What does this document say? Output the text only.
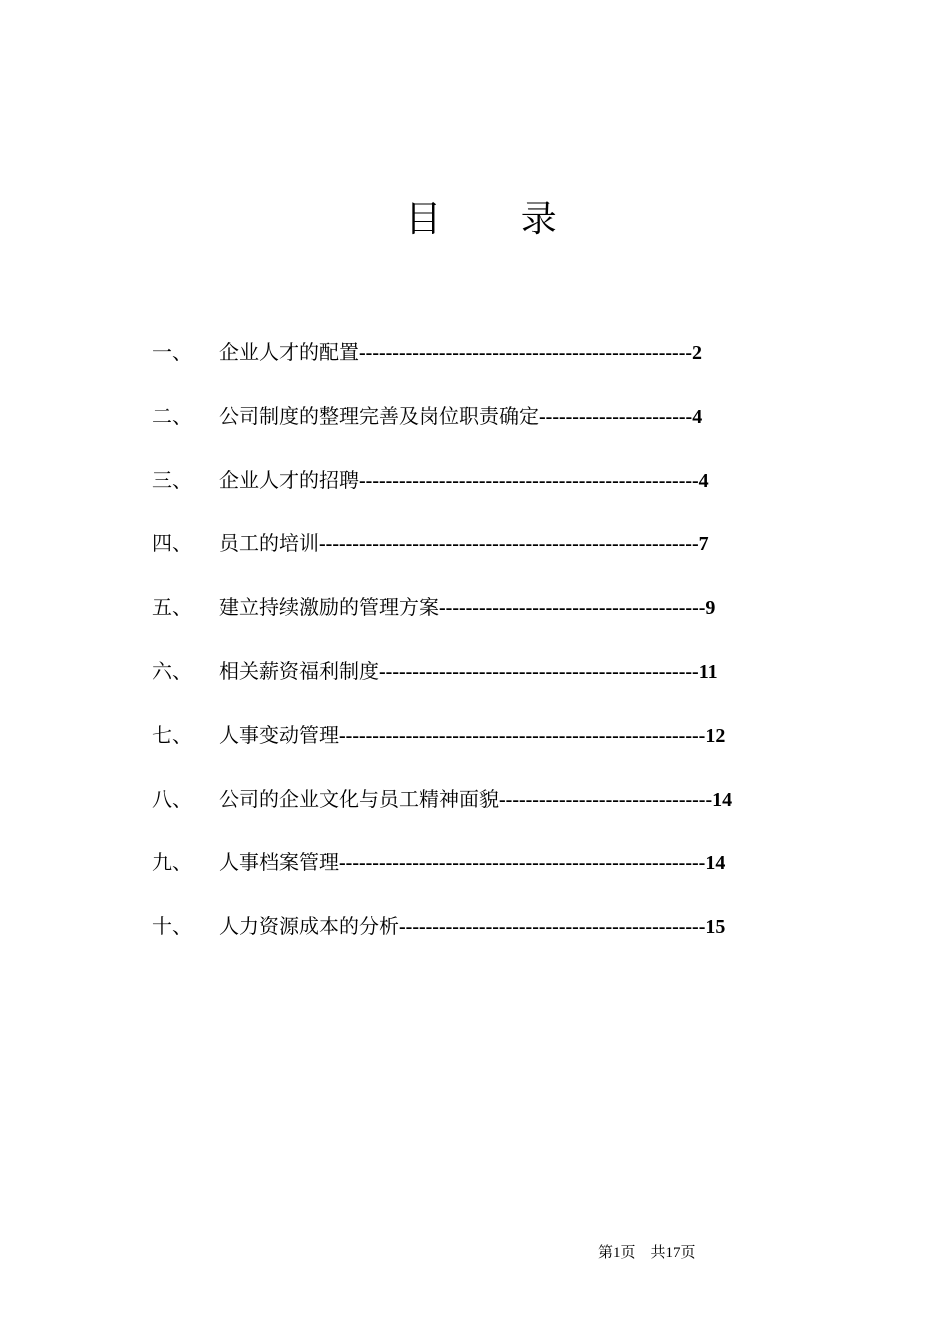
目 录
一、 企业人才的配置--------------------------------------------------2
二、 公司制度的整理完善及岗位职责确定-----------------------4
三、 企业人才的招聘---------------------------------------------------4
四、 员工的培训---------------------------------------------------------7
五、 建立持续激励的管理方案----------------------------------------9
六、 相关薪资福利制度------------------------------------------------11
七、 人事变动管理-------------------------------------------------------12
八、 公司的企业文化与员工精神面貌--------------------------------14
九、 人事档案管理-------------------------------------------------------14
十、 人力资源成本的分析----------------------------------------------15
第1页    共17页
